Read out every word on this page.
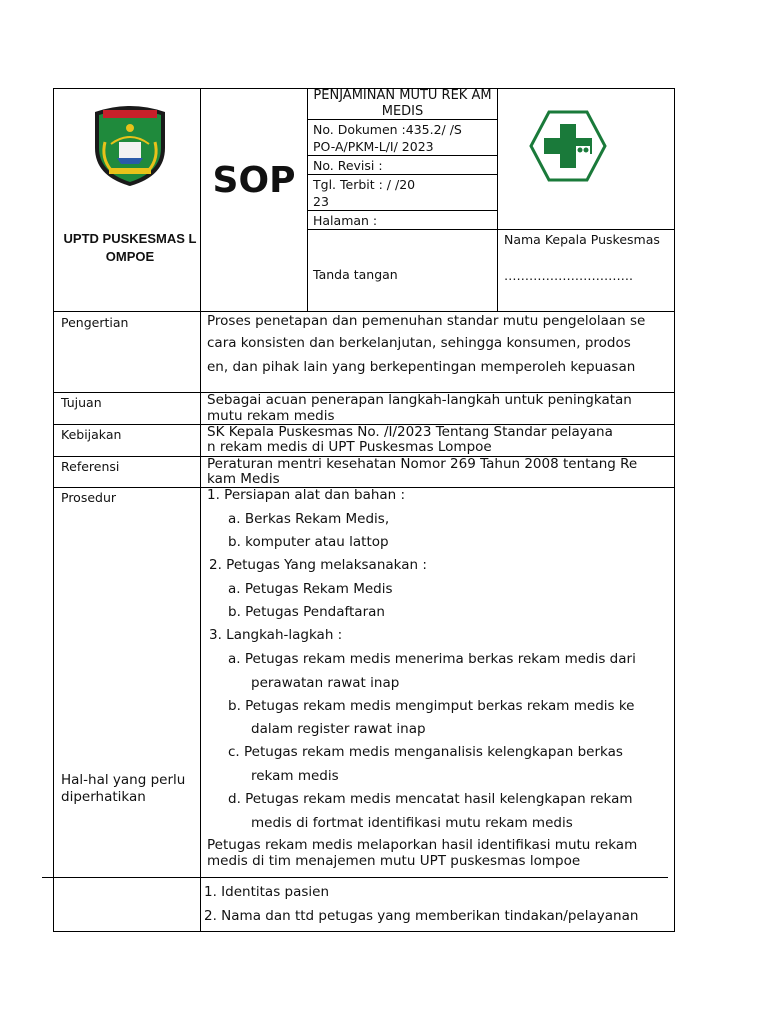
UPTD PUSKESMAS L OMPOE
SOP
PENJAMINAN MUTU REK AM MEDIS
No. Dokumen :435.2/ /S
PO-A/PKM-L/I/ 2023
No. Revisi :
Tgl. Terbit : / /20
23
Halaman :
Tanda tangan
Nama Kepala Puskesmas
………………………….
Pengertian
Tujuan
Kebijakan
Referensi
Prosedur
Hal-hal yang perlu
diperhatikan
Proses penetapan dan pemenuhan standar mutu pengelolaan se
cara konsisten dan berkelanjutan, sehingga konsumen, prodos
en, dan pihak lain yang berkepentingan memperoleh kepuasan
Sebagai acuan penerapan langkah-langkah untuk peningkatan
mutu rekam medis
SK Kepala Puskesmas No. /I/2023 Tentang Standar pelayana
n rekam medis di UPT Puskesmas Lompoe
Peraturan mentri kesehatan Nomor 269 Tahun 2008 tentang Re
kam Medis
1. Persiapan alat dan bahan :
a. Berkas Rekam Medis,
b. komputer atau lattop
2. Petugas Yang melaksanakan :
a. Petugas Rekam Medis
b. Petugas Pendaftaran
3. Langkah-lagkah :
a. Petugas rekam medis menerima berkas rekam medis dari
perawatan rawat inap
b. Petugas rekam medis mengimput berkas rekam medis ke
dalam register rawat inap
c. Petugas rekam medis menganalisis kelengkapan berkas
rekam medis
d. Petugas rekam medis mencatat hasil kelengkapan rekam
medis di fortmat identifikasi mutu rekam medis
Petugas rekam medis melaporkan hasil identifikasi mutu rekam
medis di tim menajemen mutu UPT puskesmas lompoe
1. Identitas pasien
2. Nama dan ttd petugas yang memberikan tindakan/pelayanan
